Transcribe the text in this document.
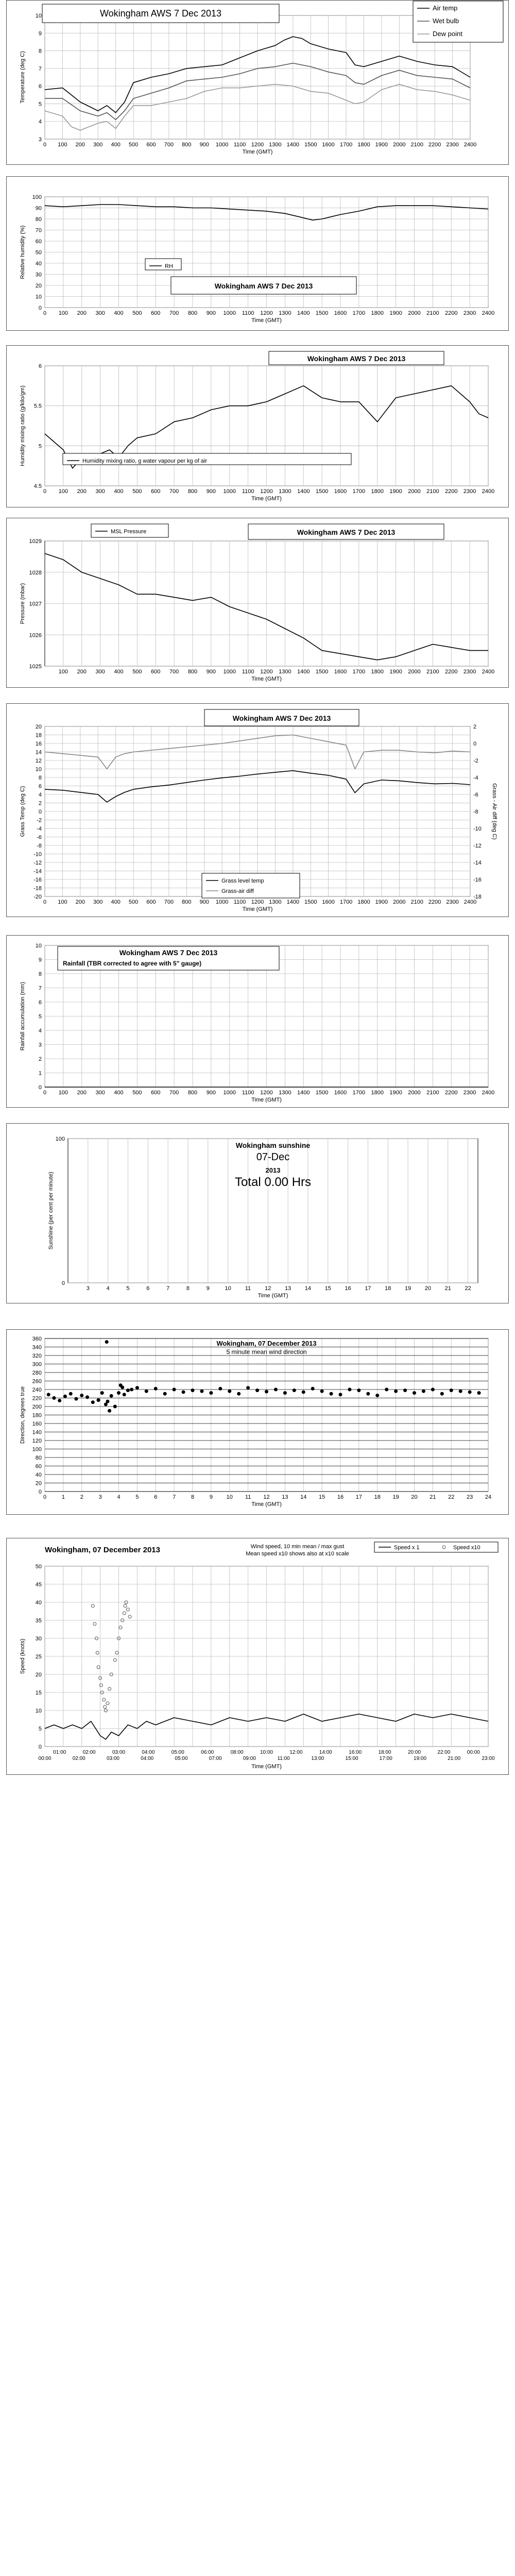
0 100 200 300 400 500 600 700 800 900 1000 1100 1200 1300 1400 1500 1600 1700 1800 1900 2000 2100 2200 2300 2400
3
4
5
6
7
8
9
10
Time (GMT)
Temperature (deg C)
Wokingham AWS 7 Dec 2013
Air temp
Wet bulb
Dew point
0 100 200 300 400 500 600 700 800 900 1000 1100 1200 1300 1400 1500 1600 1700 1800 1900 2000 2100 2200 2300 2400
0
10
20
30
40
50
60
70
80
90
100
Time (GMT)
Relative humidity (%)
Wokingham AWS 7 Dec 2013
RH
0 100 200 300 400 500 600 700 800 900 1000 1100 1200 1300 1400 1500 1600 1700 1800 1900 2000 2100 2200 2300 2400
4.5
5
5.5
6
Time (GMT)
Humidity mixing ratio (g/kilo/gm)
Wokingham AWS 7 Dec 2013
Humidity mixing ratio, g water vapour per kg of air
100 200 300 400 500 600 700 800 900 1000 1100 1200 1300 1400 1500 1600 1700 1800 1900 2000 2100 2200 2300 2400
1025
1026
1027
1028
1029
Time (GMT)
Pressure (mbar)
Wokingham AWS 7 Dec 2013
MSL Pressure
0 100 200 300 400 500 600 700 800 900 1000 1100 1200 1300 1400 1500 1600 1700 1800 1900 2000 2100 2200 2300 2400
20
18
16
14
12
10
8
6
4
2
0
-2
-4
-6
-8
-10
-12
-14
-16
-18
-20
2
0
-2
-4
-6
-8
-10
-12
-14
-16
-18
Time (GMT)
Grass Temp (deg C)	Grass - Air diff (deg C)
Wokingham AWS 7 Dec 2013
Grass level temp
Grass-air diff
0 100 200 300 400 500 600 700 800 900 1000 1100 1200 1300 1400 1500 1600 1700 1800 1900 2000 2100 2200 2300 2400
0
1
2
3
4
5
6
7
8
9
10
Time (GMT)
Rainfall accumulation (mm)
Wokingham AWS 7 Dec 2013
Rainfall (TBR corrected to agree with 5" gauge)
3	4	5	6	7	8	9	10 11 12 13 14 15 16 17 18 19 20 21 22
0
100
Time (GMT)
Sunshine (per cent per minute)
Wokingham sunshine
07-Dec
2013
Total 0.00 Hrs
0	1	2	3	4	5	6	7	8	9 10 11 12 13 14 15 16 17 18 19 20 21 22 23 24
0
20
40
60
80
100
120
140
160
180
200
220
240
260
280
300
320
340
360
Time (GMT)
Direction, degrees true
Wokingham, 07 December 2013
5 minute mean wind direction
01:00	02:00	03:00	04:00	05:00	06:00	08:00	10:00	12:00	14:00	16:00	18:00	20:00	22:00	00:00
00:00	02:00	03:00	04:00	05:00	07:00	09:00	11:00	13:00	15:00	17:00	19:00	21:00	23:00
0
5
10
15
20
25
30
35
40
45
50
Time (GMT)
Speed (knots)
Wokingham, 07 December 2013	Wind speed, 10 min mean / max gust
Mean speed x10 shows also at x10 scale
Speed x 1	Speed x10
